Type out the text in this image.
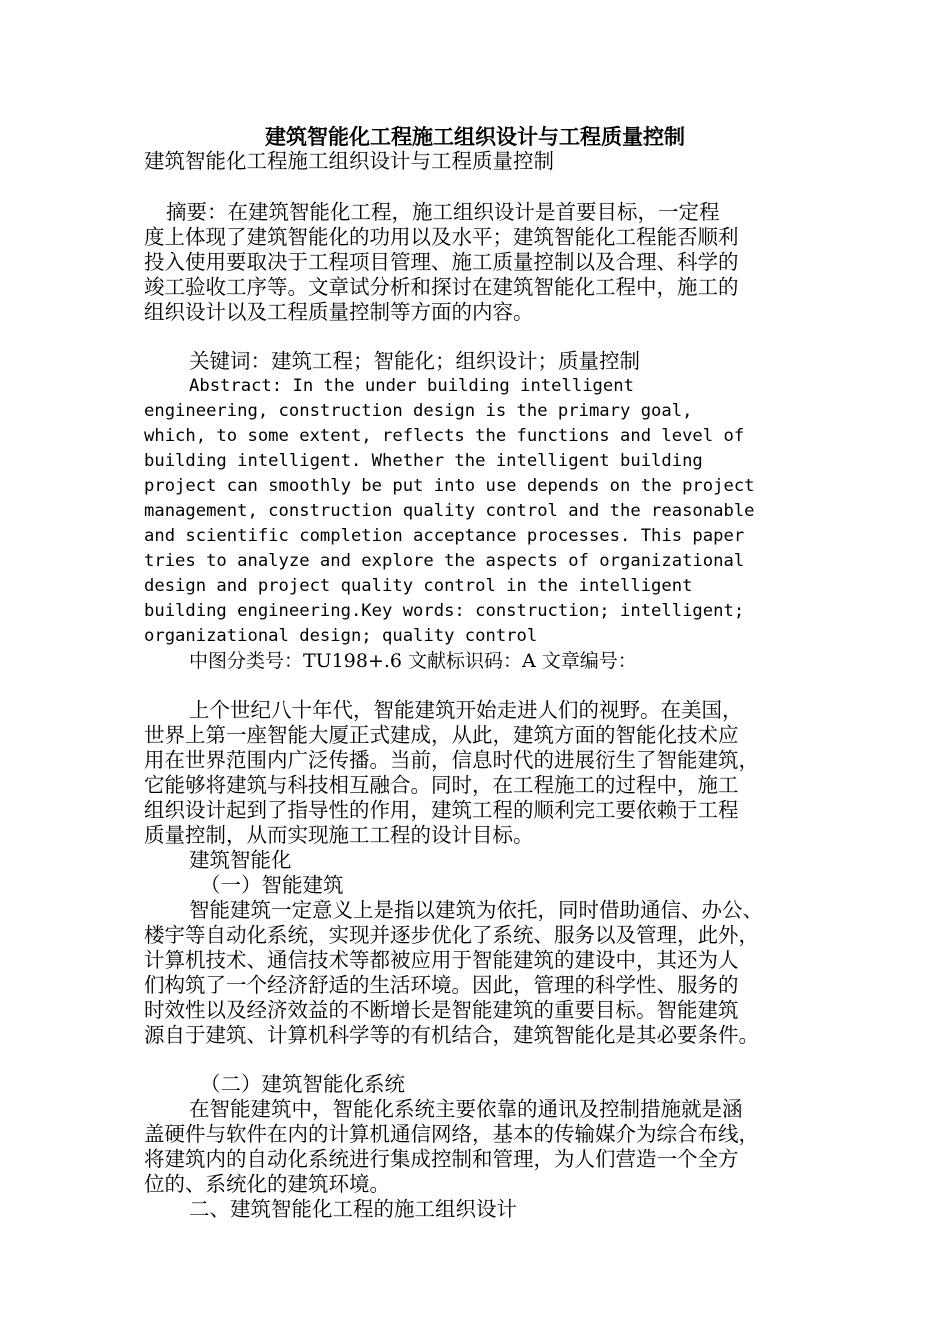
建筑智能化工程施工组织设计与工程质量控制
建筑智能化工程施工组织设计与工程质量控制
摘要：在建筑智能化工程，施工组织设计是首要目标，一定程
度上体现了建筑智能化的功用以及水平；建筑智能化工程能否顺利
投入使用要取决于工程项目管理、施工质量控制以及合理、科学的
竣工验收工序等。文章试分析和探讨在建筑智能化工程中，施工的
组织设计以及工程质量控制等方面的内容。
关键词：建筑工程；智能化；组织设计；质量控制
Abstract: In the under building intelligent
engineering, construction design is the primary goal,
which, to some extent, reflects the functions and level of
building intelligent. Whether the intelligent building
project can smoothly be put into use depends on the project
management, construction quality control and the reasonable
and scientific completion acceptance processes. This paper
tries to analyze and explore the aspects of organizational
design and project quality control in the intelligent
building engineering.Key words: construction; intelligent;
organizational design; quality control
中图分类号：TU198+.6 文献标识码：A 文章编号：
上个世纪八十年代，智能建筑开始走进人们的视野。在美国，
世界上第一座智能大厦正式建成，从此，建筑方面的智能化技术应
用在世界范围内广泛传播。当前，信息时代的进展衍生了智能建筑，
它能够将建筑与科技相互融合。同时，在工程施工的过程中，施工
组织设计起到了指导性的作用，建筑工程的顺利完工要依赖于工程
质量控制，从而实现施工工程的设计目标。
建筑智能化
（一）智能建筑
智能建筑一定意义上是指以建筑为依托，同时借助通信、办公、
楼宇等自动化系统，实现并逐步优化了系统、服务以及管理，此外，
计算机技术、通信技术等都被应用于智能建筑的建设中，其还为人
们构筑了一个经济舒适的生活环境。因此，管理的科学性、服务的
时效性以及经济效益的不断增长是智能建筑的重要目标。智能建筑
源自于建筑、计算机科学等的有机结合，建筑智能化是其必要条件。
（二）建筑智能化系统
在智能建筑中，智能化系统主要依靠的通讯及控制措施就是涵
盖硬件与软件在内的计算机通信网络，基本的传输媒介为综合布线，
将建筑内的自动化系统进行集成控制和管理，为人们营造一个全方
位的、系统化的建筑环境。
二、建筑智能化工程的施工组织设计
